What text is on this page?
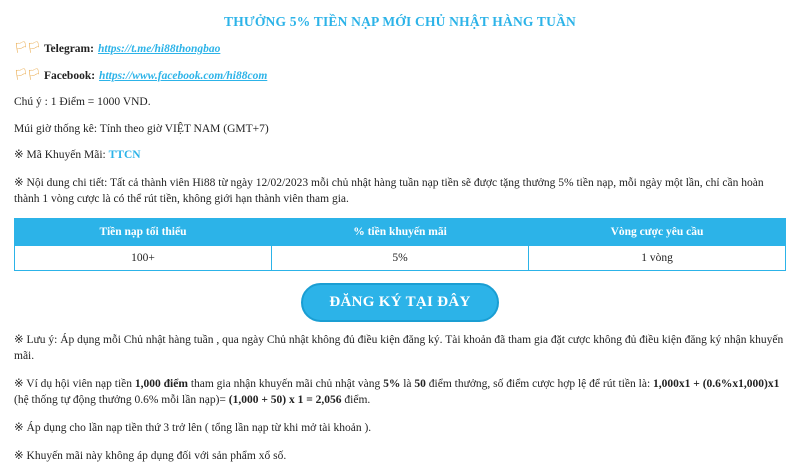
THƯỞNG 5% TIỀN NẠP MỚI CHỦ NHẬT HÀNG TUẦN
🏳🏳 Telegram: https://t.me/hi88thongbao
🏳🏳 Facebook: https://www.facebook.com/hi88com
Chú ý : 1 Điểm = 1000 VND.
Múi giờ thống kê: Tính theo giờ VIỆT NAM (GMT+7)
※ Mã Khuyến Mãi: TTCN
※ Nội dung chi tiết: Tất cả thành viên Hi88 từ ngày 12/02/2023 mỗi chủ nhật hàng tuần nạp tiền sẽ được tặng thưởng 5% tiền nạp, mỗi ngày một lần, chỉ cần hoàn thành 1 vòng cược là có thể rút tiền, không giới hạn thành viên tham gia.
Tiền nạp tối thiểu	% tiền khuyến mãi	Vòng cược yêu cầu
100+	5%	1 vòng
ĐĂNG KÝ TẠI ĐÂY
※ Lưu ý: Áp dụng mỗi Chủ nhật hàng tuần , qua ngày Chủ nhật không đủ điều kiện đăng ký. Tài khoản đã tham gia đặt cược không đủ điều kiện đăng ký nhận khuyến mãi.
※ Ví dụ hội viên nạp tiền 1,000 điểm tham gia nhận khuyến mãi chủ nhật vàng 5% là 50 điểm thưởng, số điểm cược hợp lệ để rút tiền là: 1,000x1 + (0.6%x1,000)x1 (hệ thống tự động thưởng 0.6% mỗi lần nạp)= (1,000 + 50) x 1 = 2,056 điểm.
※ Áp dụng cho lần nạp tiền thứ 3 trở lên ( tổng lần nạp từ khi mở tài khoản ).
※ Khuyến mãi này không áp dụng đối với sản phẩm xổ số.
